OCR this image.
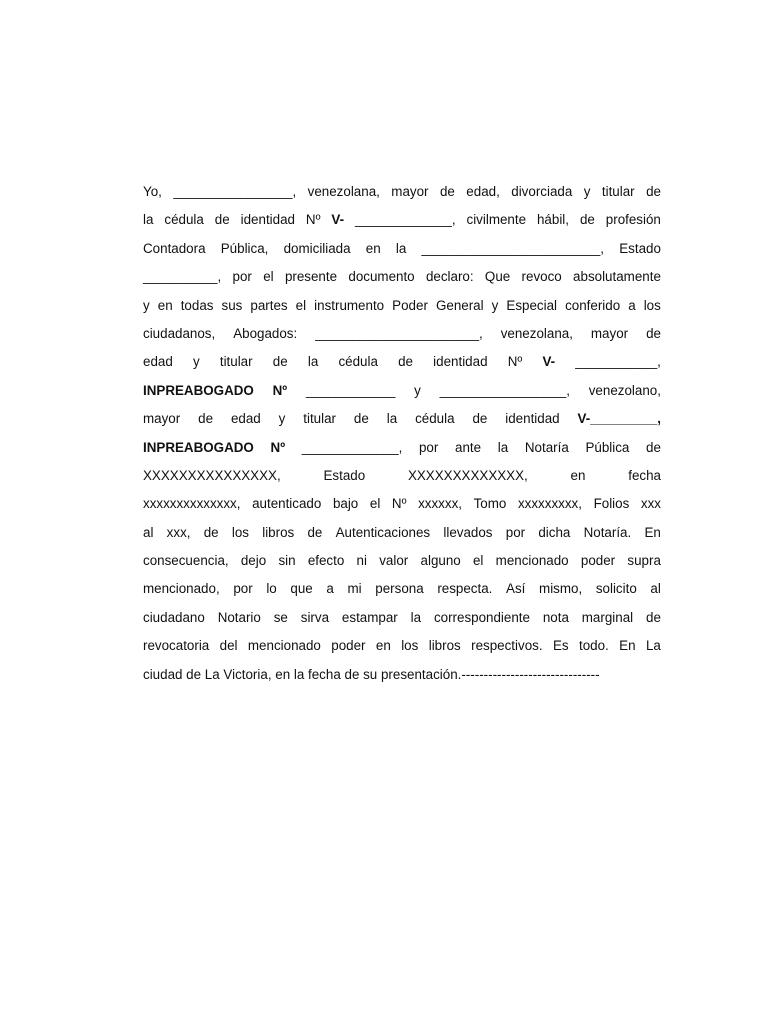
Yo, ________________, venezolana, mayor de edad, divorciada y titular de
la cédula de identidad Nº V- _____________, civilmente hábil, de profesión
Contadora Pública, domiciliada en la ________________________, Estado
__________, por el presente documento declaro: Que revoco absolutamente
y en todas sus partes el instrumento Poder General y Especial conferido a los
ciudadanos, Abogados: ______________________, venezolana, mayor de
edad y titular de la cédula de identidad Nº V- ___________,
INPREABOGADO Nº ____________ y _________________, venezolano,
mayor de edad y titular de la cédula de identidad V-_________,
INPREABOGADO Nº _____________, por ante la Notaría Pública de
XXXXXXXXXXXXXXX,	Estado	XXXXXXXXXXXXX,	en	fecha
xxxxxxxxxxxxxx, autenticado bajo el Nº xxxxxx, Tomo xxxxxxxxx, Folios xxx
al xxx, de los libros de Autenticaciones llevados por dicha Notaría. En
consecuencia, dejo sin efecto ni valor alguno el mencionado poder supra
mencionado, por lo que a mi persona respecta. Así mismo, solicito al
ciudadano Notario se sirva estampar la correspondiente nota marginal de
revocatoria del mencionado poder en los libros respectivos. Es todo. En La
ciudad de La Victoria, en la fecha de su presentación.-------------------------------
